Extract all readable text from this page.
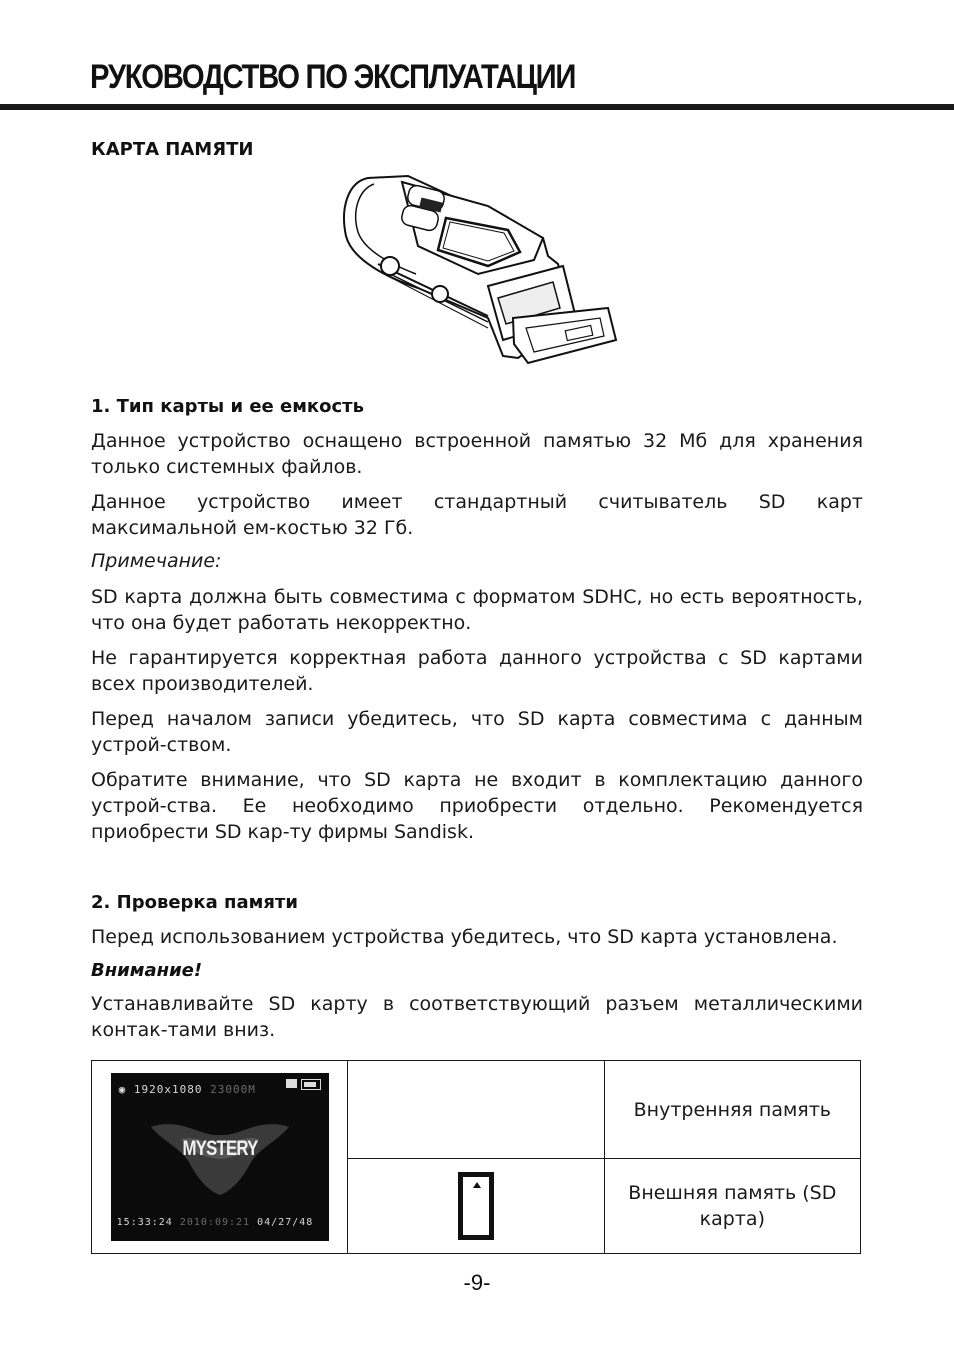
РУКОВОДСТВО ПО ЭКСПЛУАТАЦИИ
КАРТА ПАМЯТИ
1. Тип карты и ее емкость

Данное устройство оснащено встроенной памятью 32 Мб для хранения только системных файлов.

Данное устройство имеет стандартный считыватель SD карт максимальной ем-костью 32 Гб.

Примечание:

SD карта должна быть совместима с форматом SDHC, но есть вероятность, что она будет работать некорректно.

Не гарантируется корректная работа данного устройства с SD картами всех производителей.

Перед началом записи убедитесь, что SD карта совместима с данным устрой-ством.

Обратите внимание, что SD карта не входит в комплектацию данного устрой-ства. Ее необходимо приобрести отдельно. Рекомендуется приобрести SD кар-ту фирмы Sandisk.

2. Проверка памяти

Перед использованием устройства убедитесь, что SD карта установлена.

Внимание!

Устанавливайте SD карту в соответствующий разъем металлическими контак-тами вниз.

◉ 1920x1080 23000M
MYSTERY
15:33:24 2010:09:21 04/27/48		Внутренняя память
		Внешняя память (SD карта)

-9-
